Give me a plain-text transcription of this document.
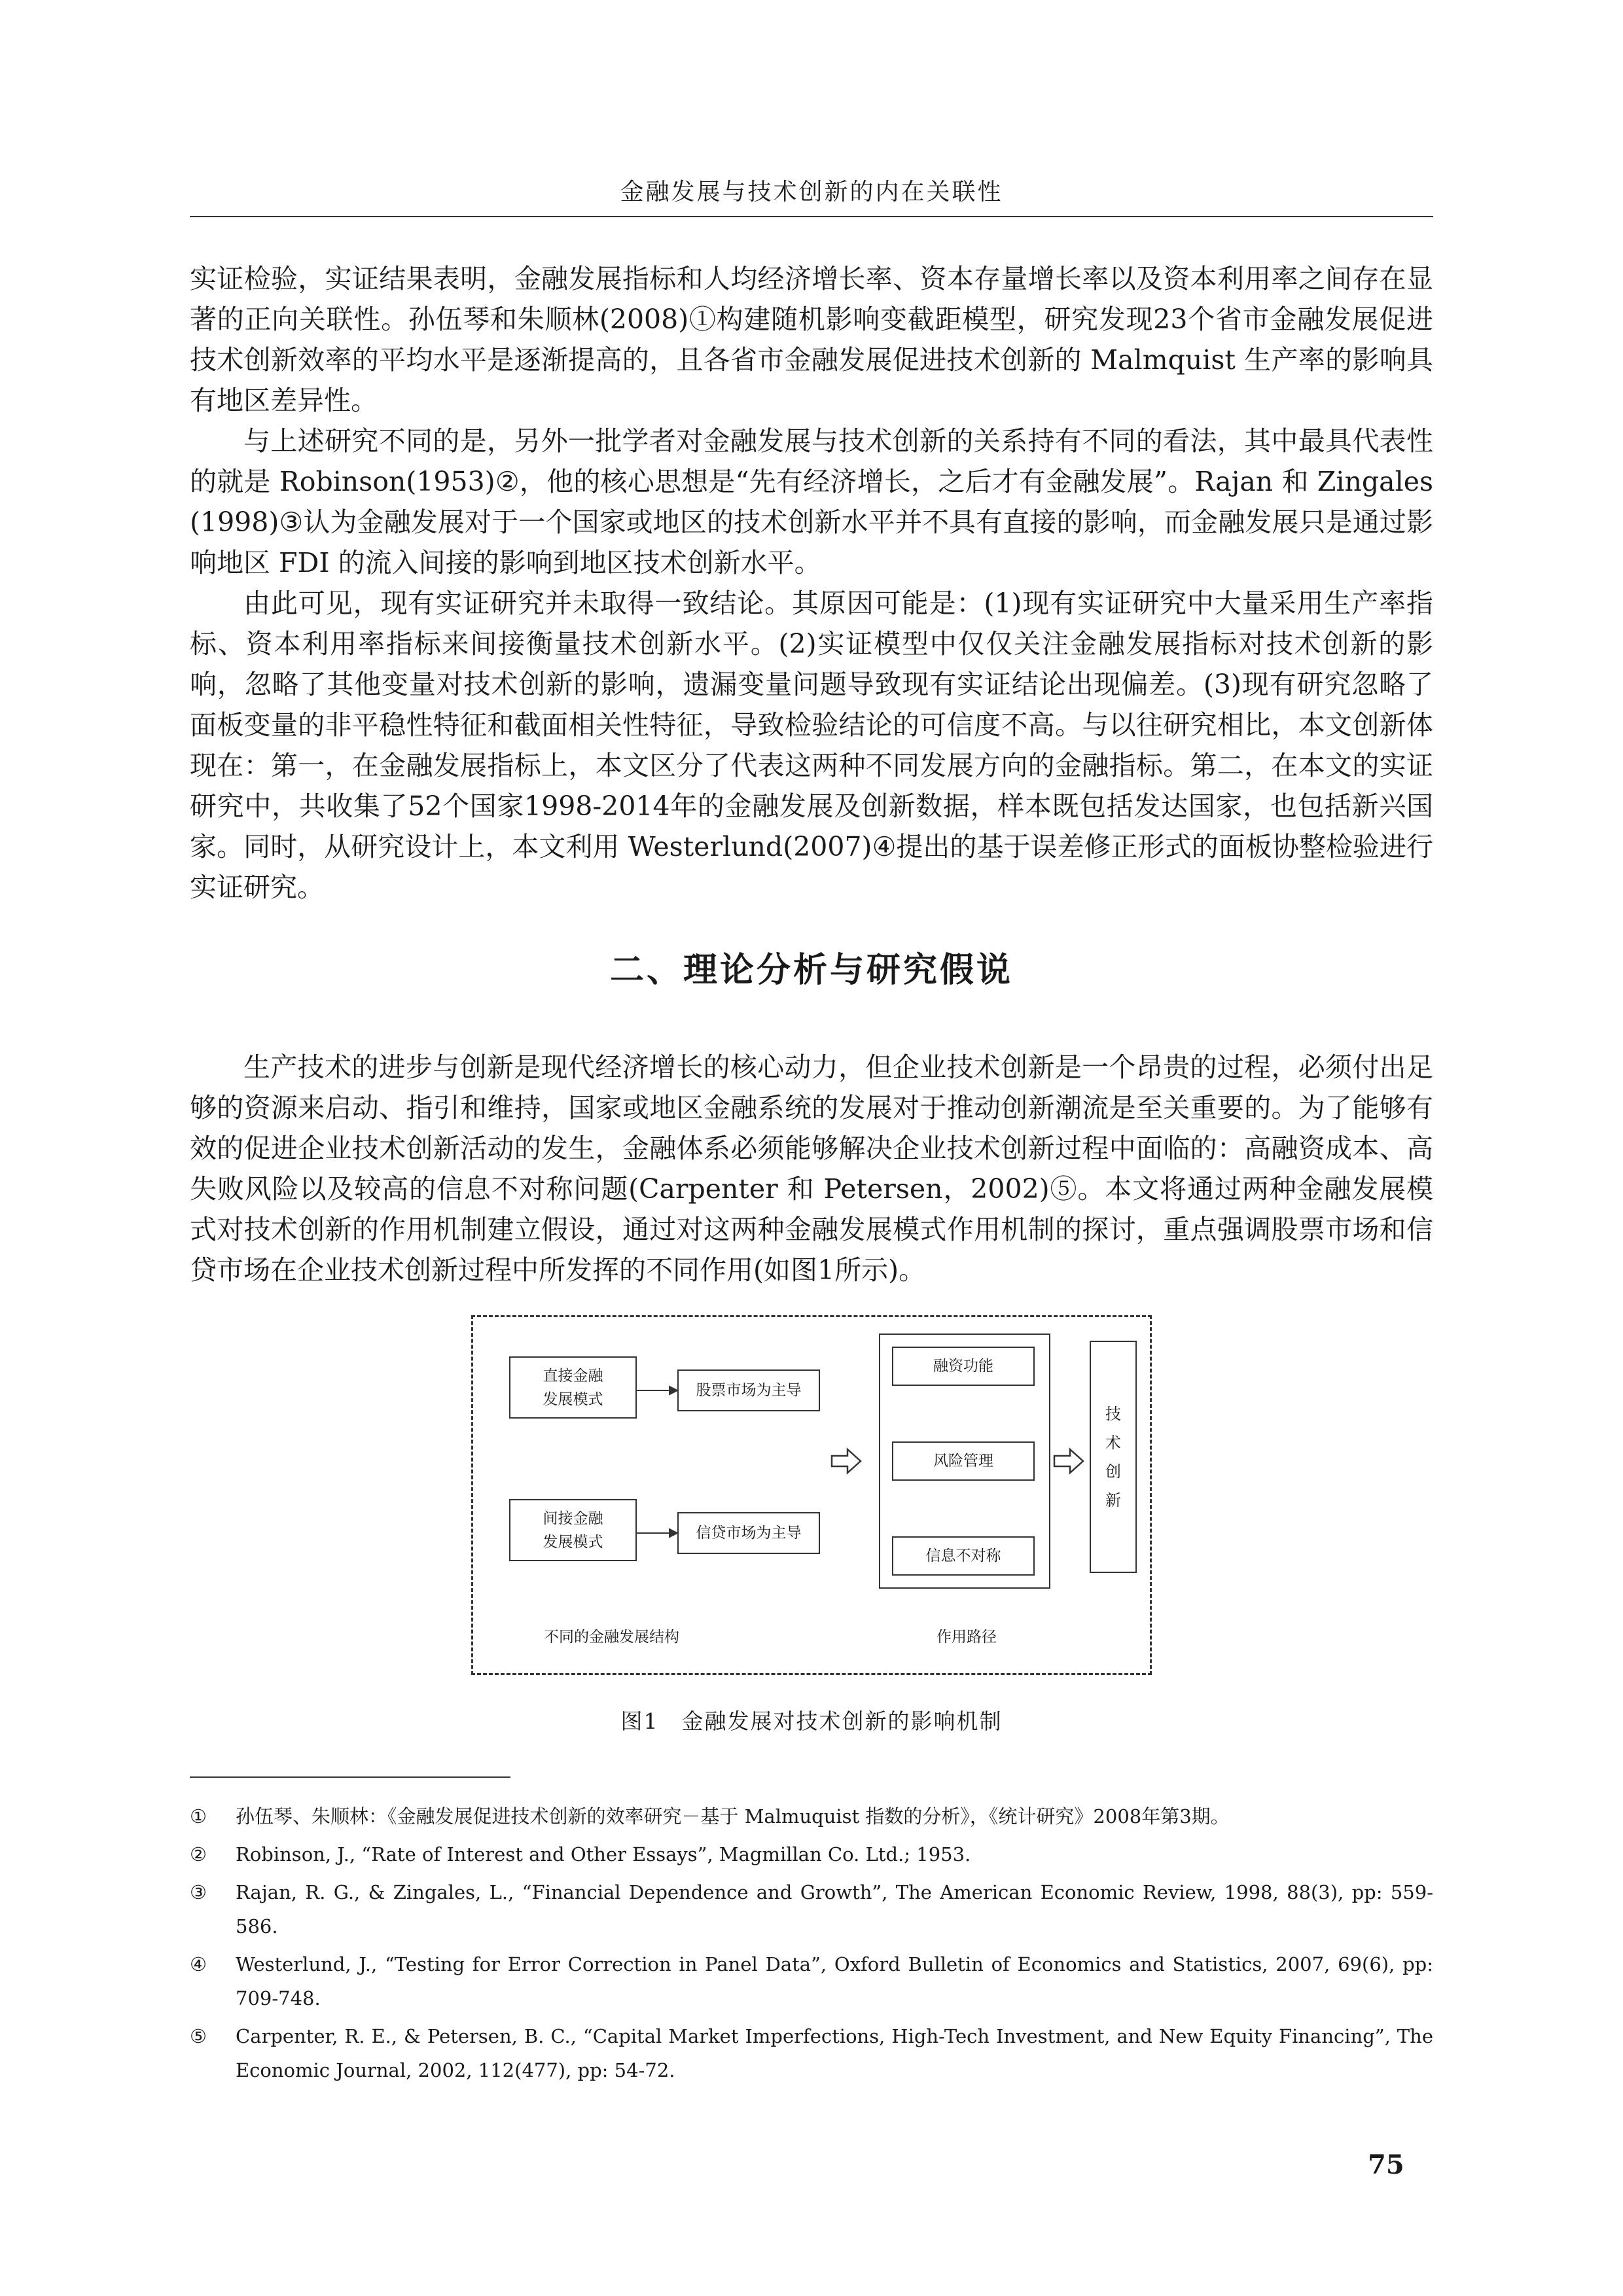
金融发展与技术创新的内在关联性

实证检验，实证结果表明，金融发展指标和人均经济增长率、资本存量增长率以及资本利用率之间存在显著的正向关联性。孙伍琴和朱顺林(2008)①构建随机影响变截距模型，研究发现23个省市金融发展促进技术创新效率的平均水平是逐渐提高的，且各省市金融发展促进技术创新的 Malmquist 生产率的影响具有地区差异性。

与上述研究不同的是，另外一批学者对金融发展与技术创新的关系持有不同的看法，其中最具代表性的就是 Robinson(1953)②，他的核心思想是“先有经济增长，之后才有金融发展”。Rajan 和 Zingales (1998)③认为金融发展对于一个国家或地区的技术创新水平并不具有直接的影响，而金融发展只是通过影响地区 FDI 的流入间接的影响到地区技术创新水平。

由此可见，现有实证研究并未取得一致结论。其原因可能是：(1)现有实证研究中大量采用生产率指标、资本利用率指标来间接衡量技术创新水平。(2)实证模型中仅仅关注金融发展指标对技术创新的影响，忽略了其他变量对技术创新的影响，遗漏变量问题导致现有实证结论出现偏差。(3)现有研究忽略了面板变量的非平稳性特征和截面相关性特征，导致检验结论的可信度不高。与以往研究相比，本文创新体现在：第一，在金融发展指标上，本文区分了代表这两种不同发展方向的金融指标。第二，在本文的实证研究中，共收集了52个国家1998-2014年的金融发展及创新数据，样本既包括发达国家，也包括新兴国家。同时，从研究设计上，本文利用 Westerlund(2007)④提出的基于误差修正形式的面板协整检验进行实证研究。

二、理论分析与研究假说

生产技术的进步与创新是现代经济增长的核心动力，但企业技术创新是一个昂贵的过程，必须付出足够的资源来启动、指引和维持，国家或地区金融系统的发展对于推动创新潮流是至关重要的。为了能够有效的促进企业技术创新活动的发生，金融体系必须能够解决企业技术创新过程中面临的：高融资成本、高失败风险以及较高的信息不对称问题(Carpenter 和 Petersen，2002)⑤。本文将通过两种金融发展模式对技术创新的作用机制建立假设，通过对这两种金融发展模式作用机制的探讨，重点强调股票市场和信贷市场在企业技术创新过程中所发挥的不同作用(如图1所示)。

直接金融
发展模式
股票市场为主导
间接金融
发展模式
信贷市场为主导
融资功能
风险管理
信息不对称
技
术
创
新
不同的金融发展结构	作用路径
图1　金融发展对技术创新的影响机制
①	孙伍琴、朱顺林：《金融发展促进技术创新的效率研究－基于 Malmuquist 指数的分析》，《统计研究》2008年第3期。
②	Robinson, J., “Rate of Interest and Other Essays”, Magmillan Co. Ltd.; 1953.
③	Rajan, R. G., & Zingales, L., “Financial Dependence and Growth”, The American Economic Review, 1998, 88(3), pp: 559-586.
④	Westerlund, J., “Testing for Error Correction in Panel Data”, Oxford Bulletin of Economics and Statistics, 2007, 69(6), pp: 709-748.
⑤	Carpenter, R. E., & Petersen, B. C., “Capital Market Imperfections, High-Tech Investment, and New Equity Financing”, The Economic Journal, 2002, 112(477), pp: 54-72.
75
